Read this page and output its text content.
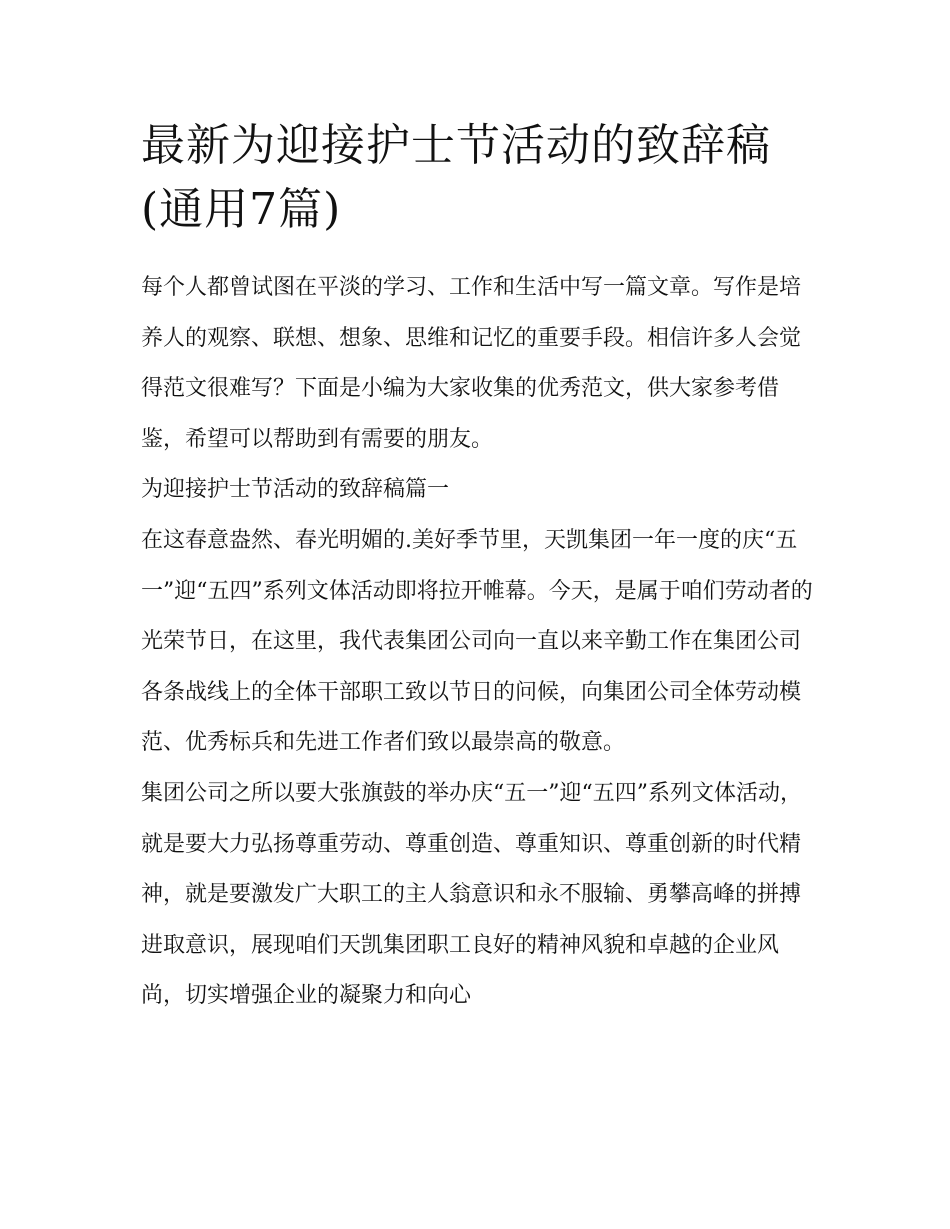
最新为迎接护士节活动的致辞稿(通用7篇)

每个人都曾试图在平淡的学习、工作和生活中写一篇文章。写作是培养人的观察、联想、想象、思维和记忆的重要手段。相信许多人会觉得范文很难写？下面是小编为大家收集的优秀范文，供大家参考借鉴，希望可以帮助到有需要的朋友。

为迎接护士节活动的致辞稿篇一

在这春意盎然、春光明媚的.美好季节里，天凯集团一年一度的庆“五一”迎“五四”系列文体活动即将拉开帷幕。今天，是属于咱们劳动者的光荣节日，在这里，我代表集团公司向一直以来辛勤工作在集团公司各条战线上的全体干部职工致以节日的问候，向集团公司全体劳动模范、优秀标兵和先进工作者们致以最崇高的敬意。

集团公司之所以要大张旗鼓的举办庆“五一”迎“五四”系列文体活动，就是要大力弘扬尊重劳动、尊重创造、尊重知识、尊重创新的时代精神，就是要激发广大职工的主人翁意识和永不服输、勇攀高峰的拼搏进取意识，展现咱们天凯集团职工良好的精神风貌和卓越的企业风尚，切实增强企业的凝聚力和向心
